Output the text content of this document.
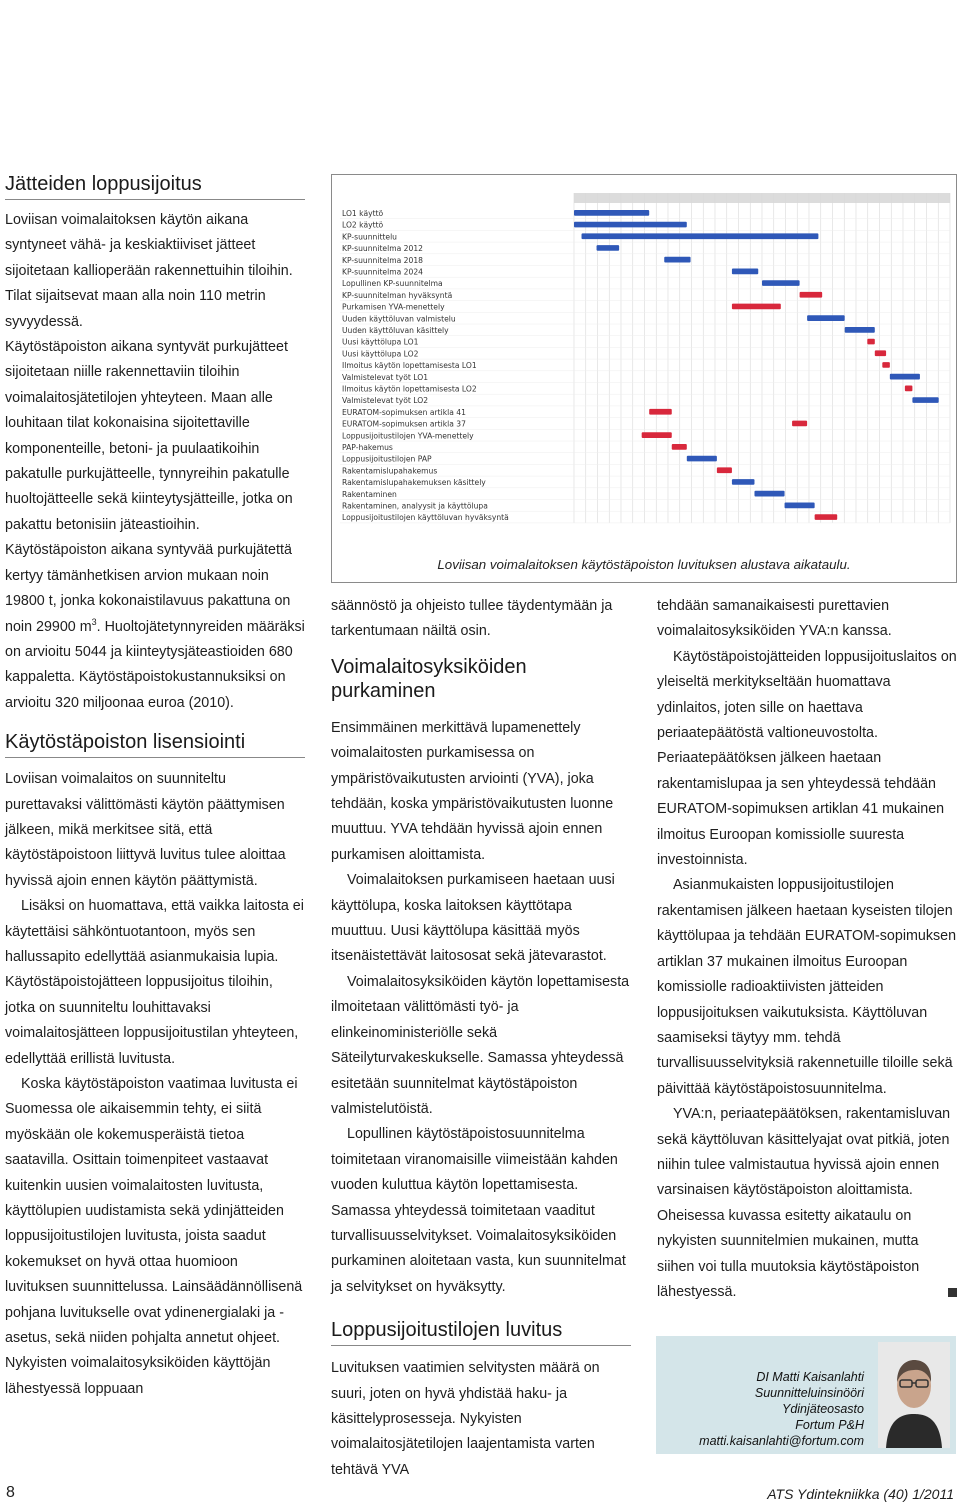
Jätteiden loppusijoitus

Loviisan voimalaitoksen käytön aikana syntyneet vähä- ja keskiaktiiviset jätteet sijoitetaan kallioperään rakennettuihin tiloihin. Tilat sijaitsevat maan alla noin 110 metrin syvyydessä.

Käytöstäpoiston aikana syntyvät purkujätteet sijoitetaan niille rakennettaviin tiloihin voimalaitosjätetilojen yhteyteen. Maan alle louhitaan tilat kokonaisina sijoitettaville komponenteille, betoni- ja puulaatikoihin pakatulle purkujätteelle, tynnyreihin pakatulle huoltojätteelle sekä kiinteytysjätteille, jotka on pakattu betonisiin jäteastioihin.

Käytöstäpoiston aikana syntyvää purkujätettä kertyy tämänhetkisen arvion mukaan noin 19800 t, jonka kokonaistilavuus pakattuna on noin 29900 $m^3$. Huoltojätetynnyreiden määräksi on arvioitu 5044 ja kiinteytysjäteastioiden 680 kappaletta. Käytöstäpoistokustannuksiksi on arvioitu 320 miljoonaa euroa (2010).

Käytöstäpoiston lisensiointi

Loviisan voimalaitos on suunniteltu purettavaksi välittömästi käytön päättymisen jälkeen, mikä merkitsee sitä, että käytöstäpoistoon liittyvä luvitus tulee aloittaa hyvissä ajoin ennen käytön päättymistä.

Lisäksi on huomattava, että vaikka laitosta ei käytettäisi sähköntuotantoon, myös sen hallussapito edellyttää asianmukaisia lupia. Käytöstäpoistojätteen loppusijoitus tiloihin, jotka on suunniteltu louhittavaksi voimalaitosjätteen loppusijoitustilan yhteyteen, edellyttää erillistä luvitusta.

Koska käytöstäpoiston vaatimaa luvitusta ei Suomessa ole aikaisemmin tehty, ei siitä myöskään ole kokemusperäistä tietoa saatavilla. Osittain toimenpiteet vastaavat kuitenkin uusien voimalaitosten luvitusta, käyttölupien uudistamista sekä ydinjätteiden loppusijoitustilojen luvitusta, joista saadut kokemukset on hyvä ottaa huomioon luvituksen suunnittelussa. Lainsäädännöllisenä pohjana luvitukselle ovat ydinenergialaki ja -asetus, sekä niiden pohjalta annetut ohjeet. Nykyisten voimalaitosyksiköiden käyttöjän lähestyessä loppuaan

LO1 käyttö
LO2 käyttö
KP-suunnittelu
KP-suunnitelma 2012
KP-suunnitelma 2018
KP-suunnitelma 2024
Lopullinen KP-suunnitelma
KP-suunnitelman hyväksyntä
Purkamisen YVA-menettely
Uuden käyttöluvan valmistelu
Uuden käyttöluvan käsittely
Uusi käyttölupa LO1
Uusi käyttölupa LO2
Ilmoitus käytön lopettamisesta LO1
Valmistelevat työt LO1
Ilmoitus käytön lopettamisesta LO2
Valmistelevat työt LO2
EURATOM-sopimuksen artikla 41
EURATOM-sopimuksen artikla 37
Loppusijoitustilojen YVA-menettely
PAP-hakemus
Loppusijoitustilojen PAP
Rakentamislupahakemus
Rakentamislupahakemuksen käsittely
Rakentaminen
Rakentaminen, analyysit ja käyttölupa
Loppusijoitustilojen käyttöluvan hyväksyntä
Loviisan voimalaitoksen käytöstäpoiston luvituksen alustava aikataulu.

säännöstö ja ohjeisto tullee täydentymään ja tarkentumaan näiltä osin.

Voimalaitosyksiköiden purkaminen

Ensimmäinen merkittävä lupamenettely voimalaitosten purkamisessa on ympäristövaikutusten arviointi (YVA), joka tehdään, koska ympäristövaikutusten luonne muuttuu. YVA tehdään hyvissä ajoin ennen purkamisen aloittamista.

Voimalaitoksen purkamiseen haetaan uusi käyttölupa, koska laitoksen käyttötapa muuttuu. Uusi käyttölupa käsittää myös itsenäistettävät laitososat sekä jätevarastot.

Voimalaitosyksiköiden käytön lopettamisesta ilmoitetaan välittömästi työ- ja elinkeinoministeriölle sekä Säteilyturvakeskukselle. Samassa yhteydessä esitetään suunnitelmat käytöstäpoiston valmistelutöistä.

Lopullinen käytöstäpoistosuunnitelma toimitetaan viranomaisille viimeistään kahden vuoden kuluttua käytön lopettamisesta. Samassa yhteydessä toimitetaan vaaditut turvallisuusselvitykset. Voimalaitosyksiköiden purkaminen aloitetaan vasta, kun suunnitelmat ja selvitykset on hyväksytty.

Loppusijoitustilojen luvitus

Luvituksen vaatimien selvitysten määrä on suuri, joten on hyvä yhdistää haku- ja käsittelyprosesseja. Nykyisten voimalaitosjätetilojen laajentamista varten tehtävä YVA

tehdään samanaikaisesti purettavien voimalaitosyksiköiden YVA:n kanssa.

Käytöstäpoistojätteiden loppusijoituslaitos on yleiseltä merkitykseltään huomattava ydinlaitos, joten sille on haettava periaatepäätöstä valtioneuvostolta. Periaatepäätöksen jälkeen haetaan rakentamislupaa ja sen yhteydessä tehdään EURATOM-sopimuksen artiklan 41 mukainen ilmoitus Euroopan komissiolle suuresta investoinnista.

Asianmukaisten loppusijoitustilojen rakentamisen jälkeen haetaan kyseisten tilojen käyttölupaa ja tehdään EURATOM-sopimuksen artiklan 37 mukainen ilmoitus Euroopan komissiolle radioaktiivisten jätteiden loppusijoituksen vaikutuksista. Käyttöluvan saamiseksi täytyy mm. tehdä turvallisuusselvityksiä rakennetuille tiloille sekä päivittää käytöstäpoistosuunnitelma.

YVA:n, periaatepäätöksen, rakentamisluvan sekä käyttöluvan käsittelyajat ovat pitkiä, joten niihin tulee valmistautua hyvissä ajoin ennen varsinaisen käytöstäpoiston aloittamista. Oheisessa kuvassa esitetty aikataulu on nykyisten suunnitelmien mukainen, mutta siihen voi tulla muutoksia käytöstäpoiston lähestyessä.

DI Matti Kaisanlahti
Suunnitteluinsinööri
Ydinjäteosasto
Fortum P&H
matti.kaisanlahti@fortum.com
8	ATS Ydintekniikka (40) 1/2011
